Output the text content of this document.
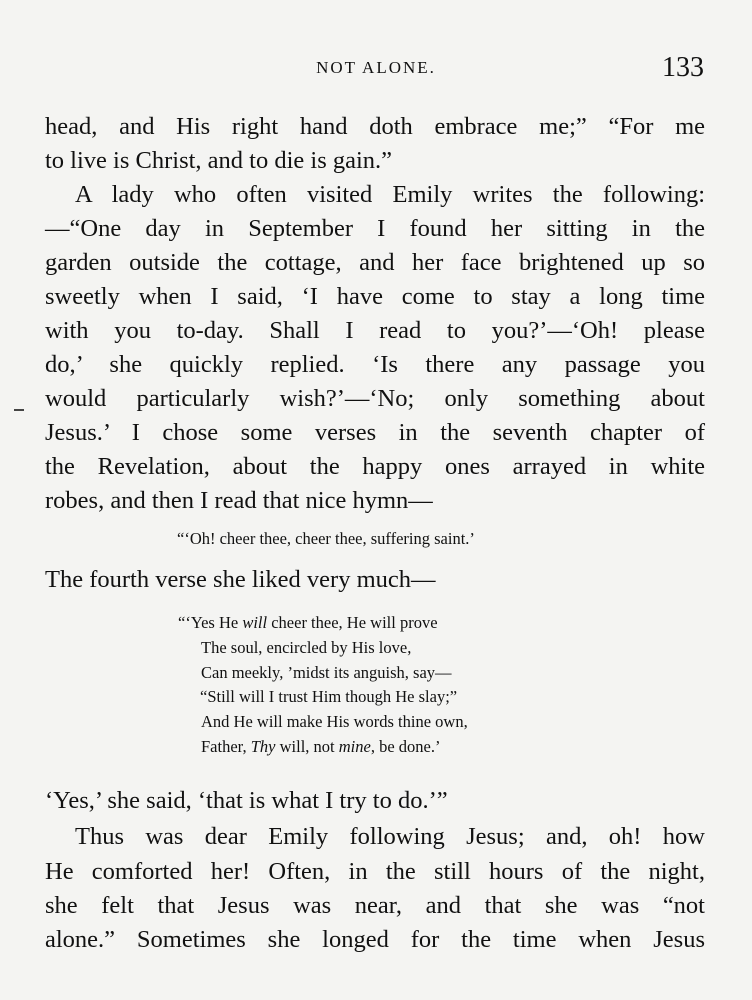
NOT ALONE.	133

head, and His right hand doth embrace me;” “For me

to live is Christ, and to die is gain.”

A lady who often visited Emily writes the following:

—“One day in September I found her sitting in the

garden outside the cottage, and her face brightened up so

sweetly when I said, ‘I have come to stay a long time

with you to-day. Shall I read to you?’—‘Oh! please

do,’ she quickly replied. ‘Is there any passage you

would particularly wish?’—‘No; only something about

Jesus.’ I chose some verses in the seventh chapter of

the Revelation, about the happy ones arrayed in white

robes, and then I read that nice hymn—

“‘Oh! cheer thee, cheer thee, suffering saint.’

The fourth verse she liked very much—

“‘Yes He will cheer thee, He will prove

The soul, encircled by His love,

Can meekly, ’midst its anguish, say—

“Still will I trust Him though He slay;”

And He will make His words thine own,

Father, Thy will, not mine, be done.’

‘Yes,’ she said, ‘that is what I try to do.’”

Thus was dear Emily following Jesus; and, oh! how

He comforted her! Often, in the still hours of the night,

she felt that Jesus was near, and that she was “not

alone.” Sometimes she longed for the time when Jesus
